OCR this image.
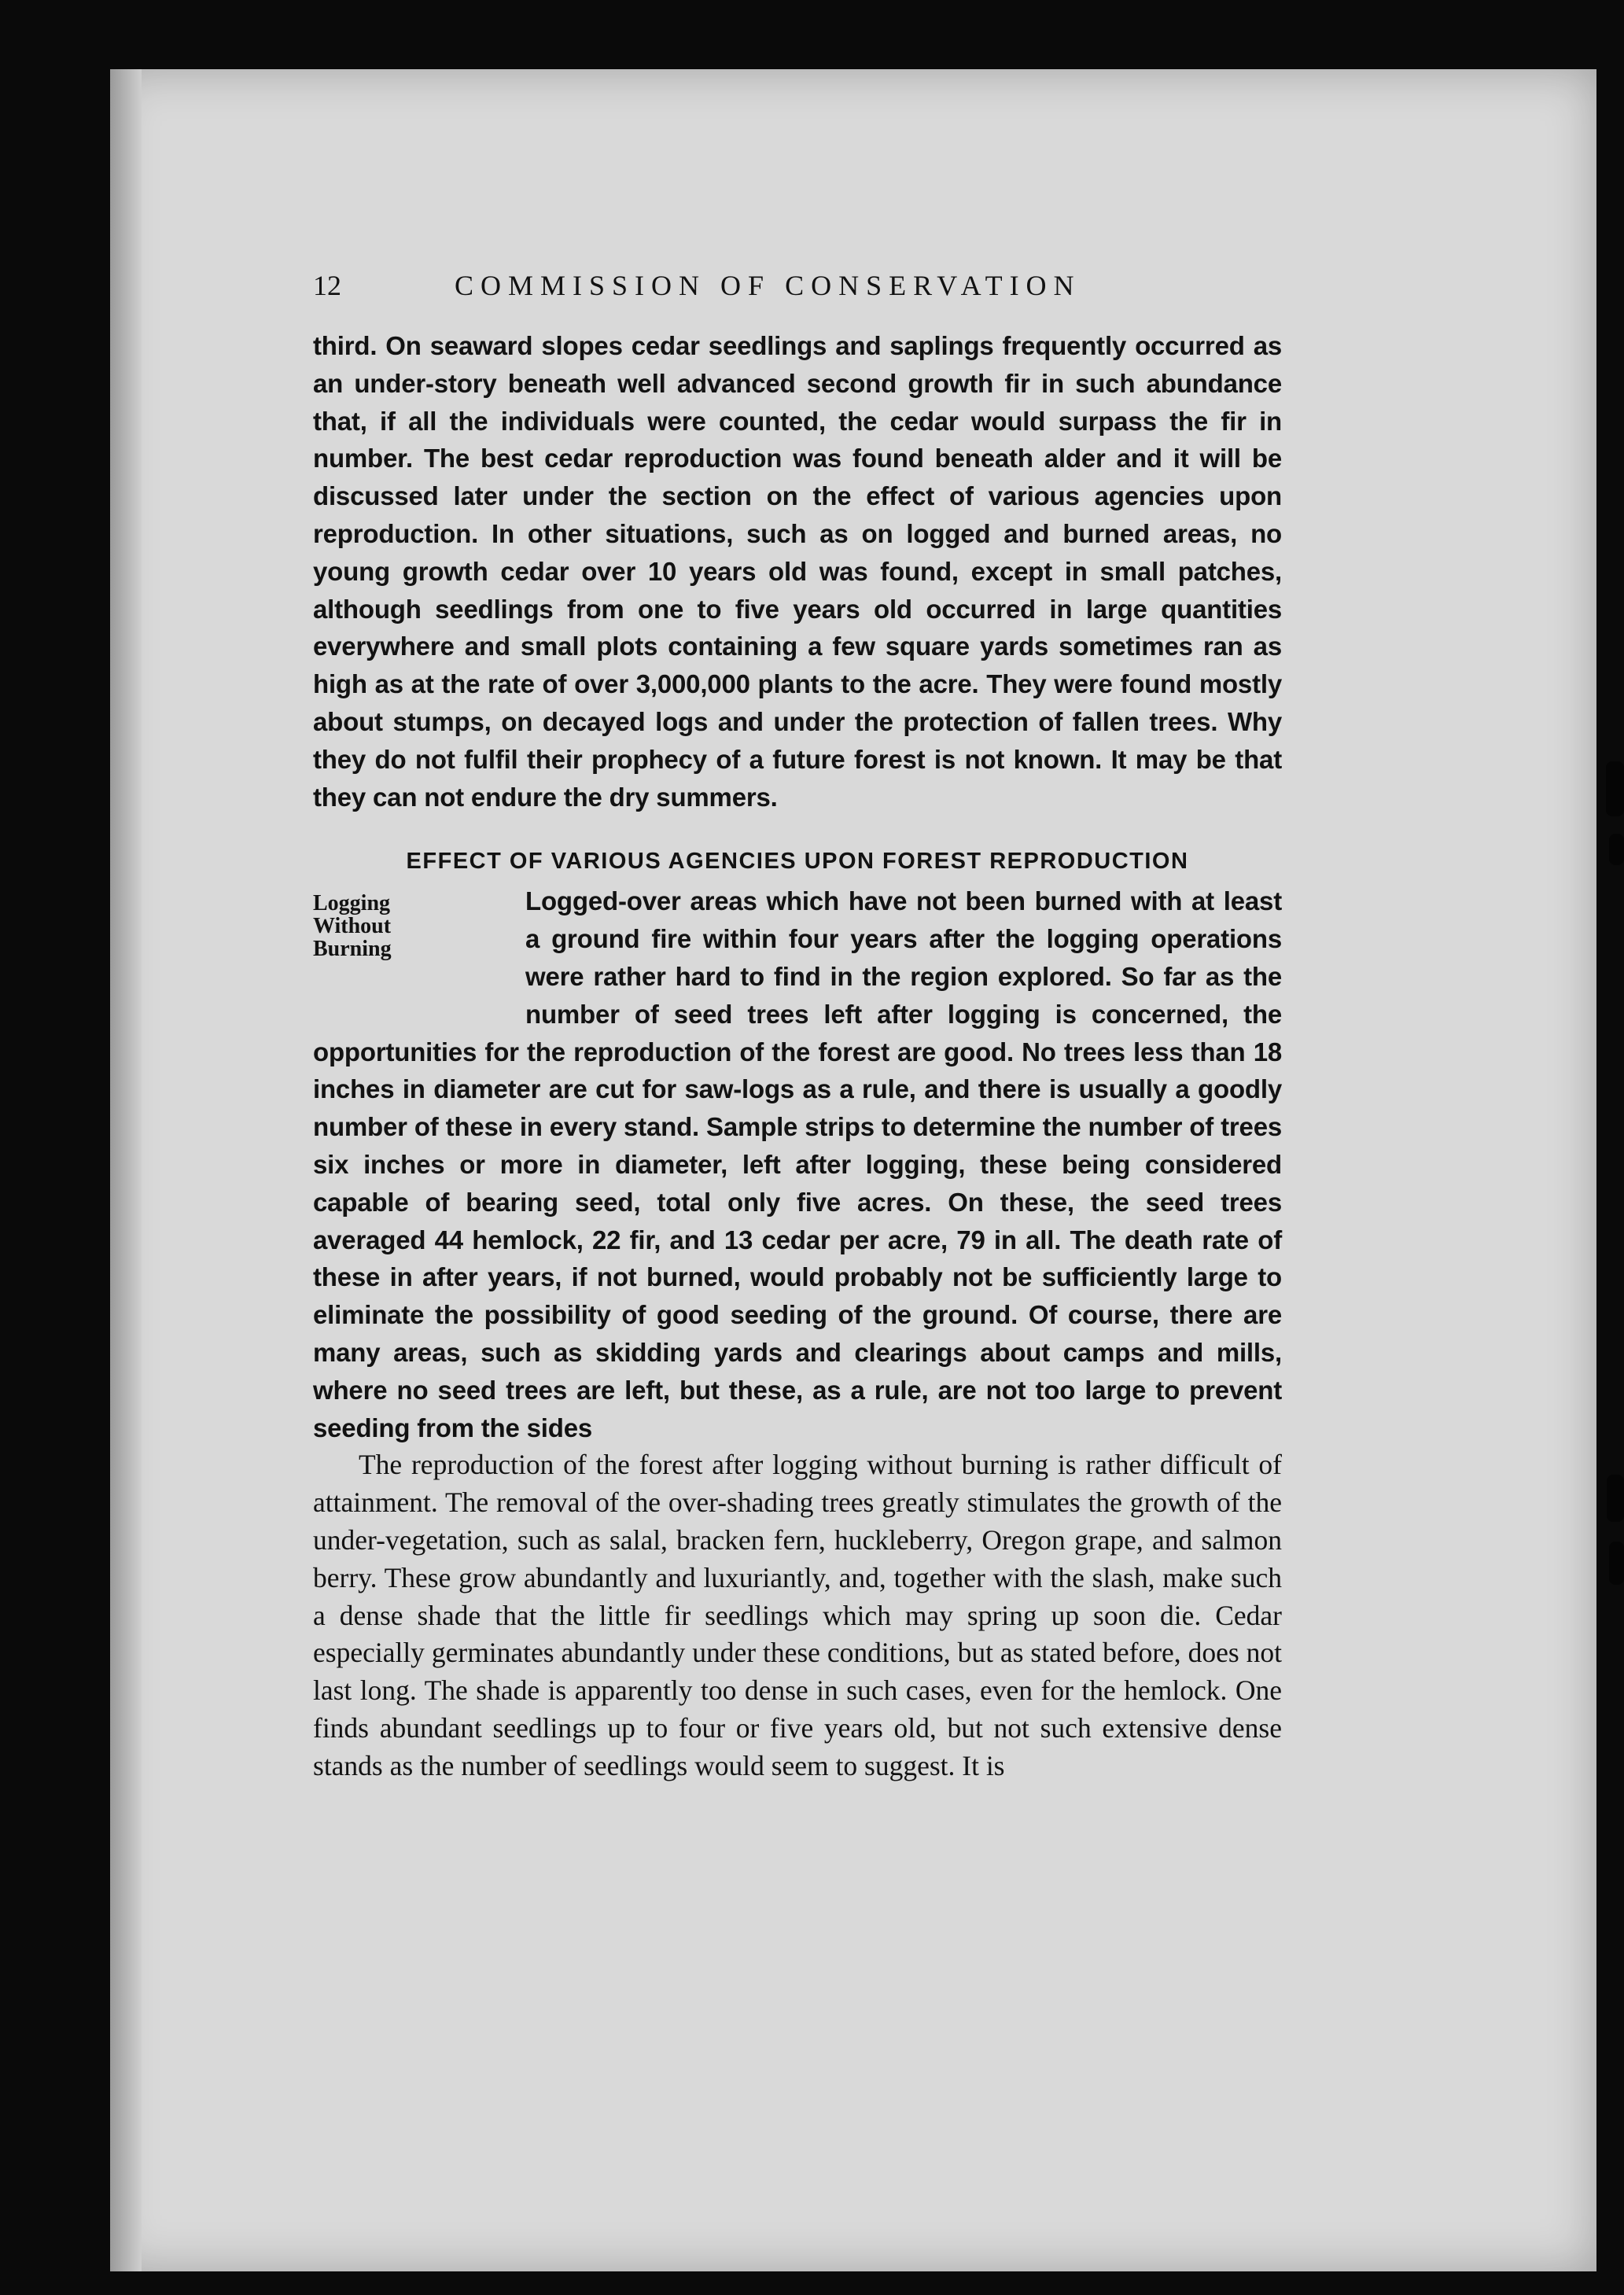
12	COMMISSION OF CONSERVATION

third. On seaward slopes cedar seedlings and saplings frequently occurred as an under-story beneath well advanced second growth fir in such abundance that, if all the individuals were counted, the cedar would surpass the fir in number. The best cedar reproduction was found beneath alder and it will be discussed later under the section on the effect of various agencies upon reproduction. In other situations, such as on logged and burned areas, no young growth cedar over 10 years old was found, except in small patches, although seedlings from one to five years old occurred in large quantities everywhere and small plots containing a few square yards sometimes ran as high as at the rate of over 3,000,000 plants to the acre. They were found mostly about stumps, on decayed logs and under the protection of fallen trees. Why they do not fulfil their prophecy of a future forest is not known. It may be that they can not endure the dry summers.

EFFECT OF VARIOUS AGENCIES UPON FOREST REPRODUCTION
Logging
Without
Burning

Logged-over areas which have not been burned with at least a ground fire within four years after the logging operations were rather hard to find in the region explored. So far as the number of seed trees left after logging is concerned, the opportunities for the reproduction of the forest are good. No trees less than 18 inches in diameter are cut for saw-logs as a rule, and there is usually a goodly number of these in every stand. Sample strips to determine the number of trees six inches or more in diameter, left after logging, these being considered capable of bearing seed, total only five acres. On these, the seed trees averaged 44 hemlock, 22 fir, and 13 cedar per acre, 79 in all. The death rate of these in after years, if not burned, would probably not be sufficiently large to eliminate the possibility of good seeding of the ground. Of course, there are many areas, such as skidding yards and clearings about camps and mills, where no seed trees are left, but these, as a rule, are not too large to prevent seeding from the sides

The reproduction of the forest after logging without burning is rather difficult of attainment. The removal of the over-shading trees greatly stimulates the growth of the under-vegetation, such as salal, bracken fern, huckleberry, Oregon grape, and salmon berry. These grow abundantly and luxuriantly, and, together with the slash, make such a dense shade that the little fir seedlings which may spring up soon die. Cedar especially germinates abundantly under these conditions, but as stated before, does not last long. The shade is apparently too dense in such cases, even for the hemlock. One finds abundant seedlings up to four or five years old, but not such extensive dense stands as the number of seedlings would seem to suggest. It is
